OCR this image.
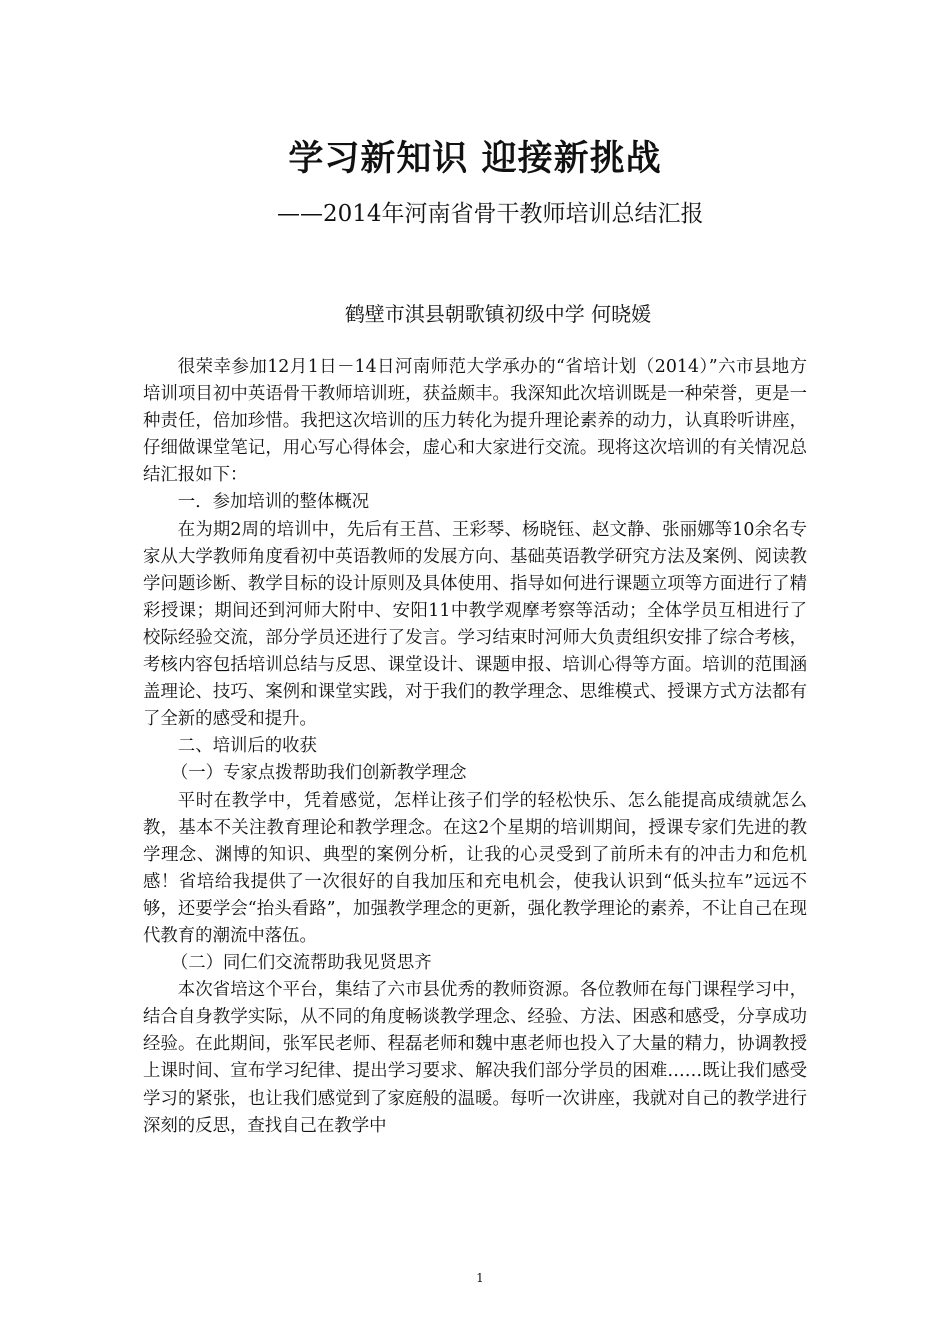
学习新知识 迎接新挑战
——2014年河南省骨干教师培训总结汇报
鹤壁市淇县朝歌镇初级中学 何晓媛

很荣幸参加12月1日－14日河南师范大学承办的“省培计划（2014）”六市县地方培训项目初中英语骨干教师培训班，获益颇丰。我深知此次培训既是一种荣誉，更是一种责任，倍加珍惜。我把这次培训的压力转化为提升理论素养的动力，认真聆听讲座，仔细做课堂笔记，用心写心得体会，虚心和大家进行交流。现将这次培训的有关情况总结汇报如下：

一．参加培训的整体概况

在为期2周的培训中，先后有王莒、王彩琴、杨晓钰、赵文静、张丽娜等10余名专家从大学教师角度看初中英语教师的发展方向、基础英语教学研究方法及案例、阅读教学问题诊断、教学目标的设计原则及具体使用、指导如何进行课题立项等方面进行了精彩授课；期间还到河师大附中、安阳11中教学观摩考察等活动；全体学员互相进行了校际经验交流，部分学员还进行了发言。学习结束时河师大负责组织安排了综合考核，考核内容包括培训总结与反思、课堂设计、课题申报、培训心得等方面。培训的范围涵盖理论、技巧、案例和课堂实践，对于我们的教学理念、思维模式、授课方式方法都有了全新的感受和提升。

二、培训后的收获

（一）专家点拨帮助我们创新教学理念

平时在教学中，凭着感觉，怎样让孩子们学的轻松快乐、怎么能提高成绩就怎么教，基本不关注教育理论和教学理念。在这2个星期的培训期间，授课专家们先进的教学理念、渊博的知识、典型的案例分析，让我的心灵受到了前所未有的冲击力和危机感！省培给我提供了一次很好的自我加压和充电机会，使我认识到“低头拉车”远远不够，还要学会“抬头看路”，加强教学理念的更新，强化教学理论的素养，不让自己在现代教育的潮流中落伍。

（二）同仁们交流帮助我见贤思齐

本次省培这个平台，集结了六市县优秀的教师资源。各位教师在每门课程学习中，结合自身教学实际，从不同的角度畅谈教学理念、经验、方法、困惑和感受，分享成功经验。在此期间，张军民老师、程磊老师和魏中惠老师也投入了大量的精力，协调教授上课时间、宣布学习纪律、提出学习要求、解决我们部分学员的困难……既让我们感受学习的紧张，也让我们感觉到了家庭般的温暖。每听一次讲座，我就对自己的教学进行深刻的反思，查找自己在教学中

1
